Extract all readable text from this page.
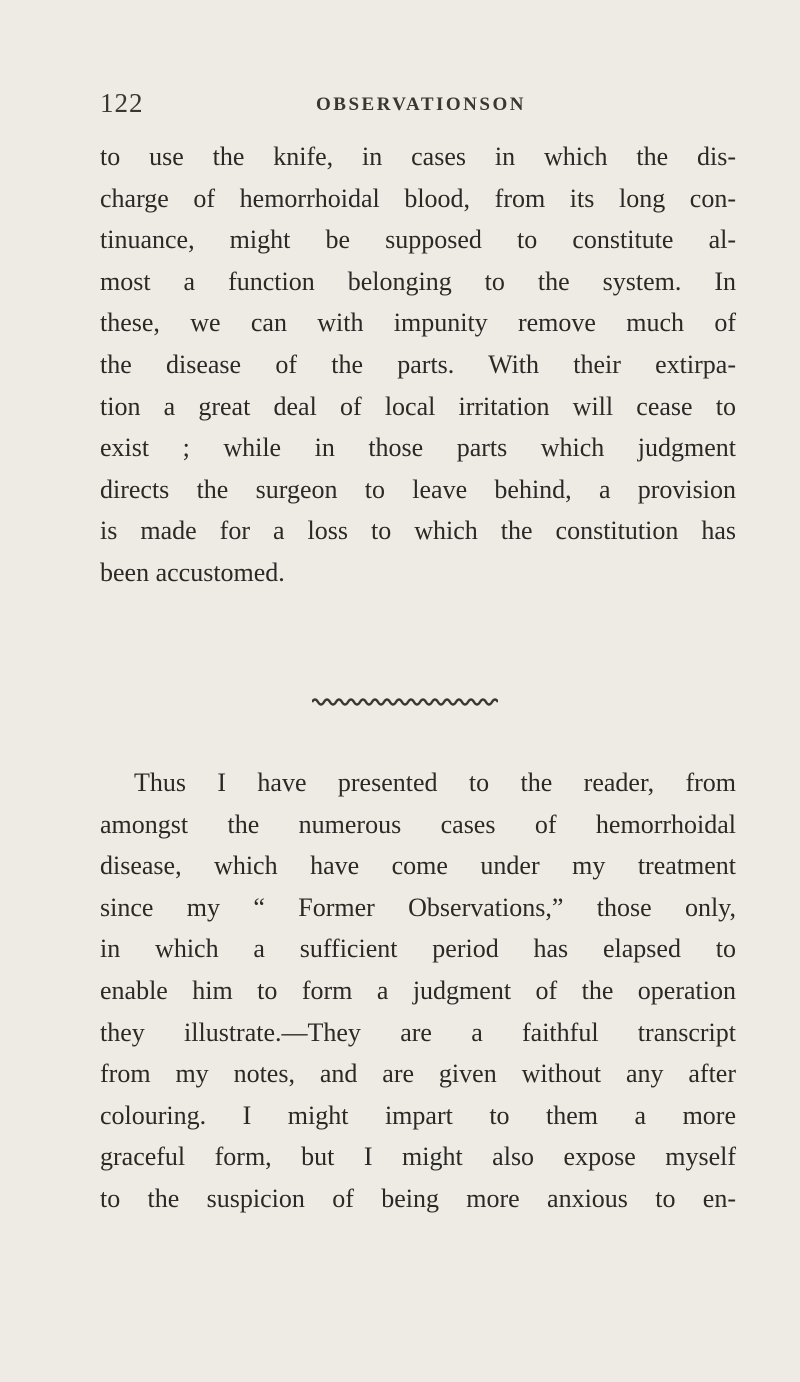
122	OBSERVATIONSON
to use the knife, in cases in which the dis-
charge of hemorrhoidal blood, from its long con-
tinuance, might be supposed to constitute al-
most a function belonging to the system. In
these, we can with impunity remove much of
the disease of the parts. With their extirpa-
tion a great deal of local irritation will cease to
exist ; while in those parts which judgment
directs the surgeon to leave behind, a provision
is made for a loss to which the constitution has
been accustomed.
Thus I have presented to the reader, from
amongst the numerous cases of hemorrhoidal
disease, which have come under my treatment
since my “ Former Observations,” those only,
in which a sufficient period has elapsed to
enable him to form a judgment of the operation
they illustrate.—They are a faithful transcript
from my notes, and are given without any after
colouring. I might impart to them a more
graceful form, but I might also expose myself
to the suspicion of being more anxious to en-
